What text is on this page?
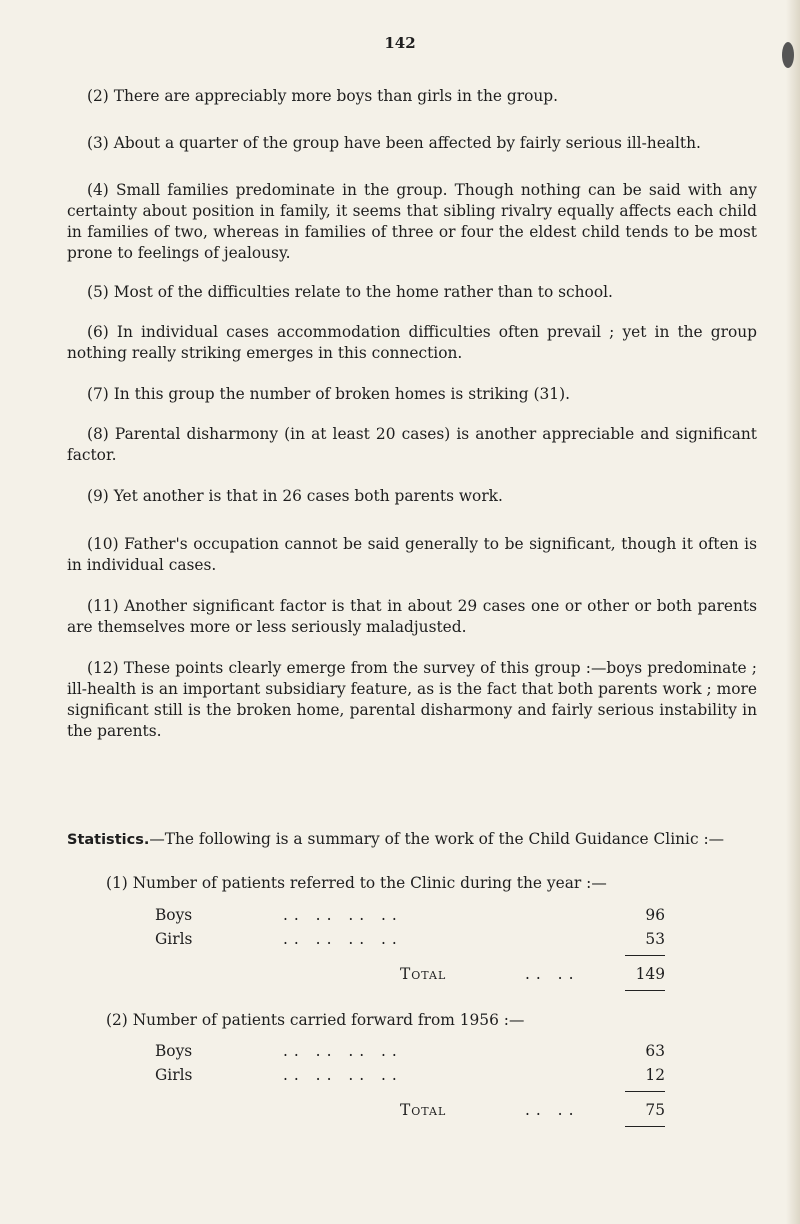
142

(2) There are appreciably more boys than girls in the group.

(3) About a quarter of the group have been affected by fairly serious ill-health.

(4) Small families predominate in the group. Though nothing can be said with any certainty about position in family, it seems that sibling rivalry equally affects each child in families of two, whereas in families of three or four the eldest child tends to be most prone to feelings of jealousy.

(5) Most of the difficulties relate to the home rather than to school.

(6) In individual cases accommodation difficulties often prevail ; yet in the group nothing really striking emerges in this connection.

(7) In this group the number of broken homes is striking (31).

(8) Parental disharmony (in at least 20 cases) is another appreciable and significant factor.

(9) Yet another is that in 26 cases both parents work.

(10) Father's occupation cannot be said generally to be significant, though it often is in individual cases.

(11) Another significant factor is that in about 29 cases one or other or both parents are themselves more or less seriously maladjusted.

(12) These points clearly emerge from the survey of this group :—boys predominate ; ill-health is an important subsidiary feature, as is the fact that both parents work ; more significant still is the broken home, parental disharmony and fairly serious instability in the parents.

Statistics.—The following is a summary of the work of the Child Guidance Clinic :—
(1) Number of patients referred to the Clinic during the year :—
Boys	.. .. .. ..	96
Girls	.. .. .. ..	53
Total	.. ..	149
(2) Number of patients carried forward from 1956 :—
Boys	.. .. .. ..	63
Girls	.. .. .. ..	12
Total	.. ..	75
